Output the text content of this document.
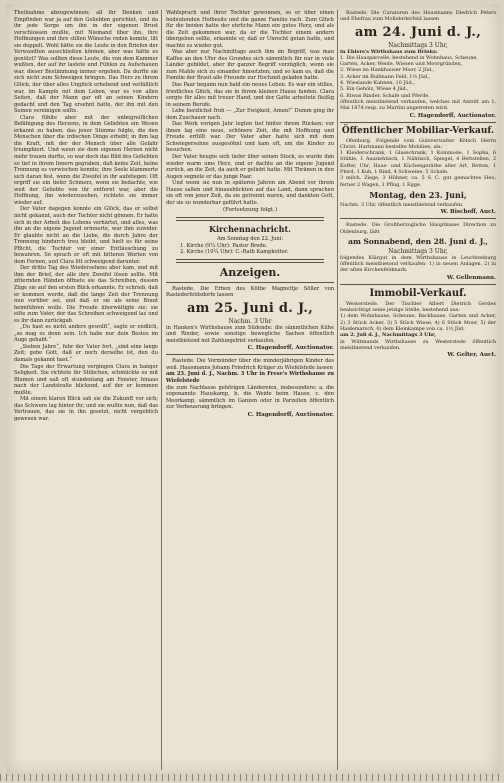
Theilnahme abzugewinnen; all ihr Denken und Empfinden war ja auf den Geliebten gerichtet, und da ihr jede Sorge um ihn in der eigenen Brust verschlossen mußte, mit Niemand über ihn, ihre Hoffnungen und ihre stillen Wünsche reden konnte, litt sie doppelt. Wohl hätte sie die Leute in den Briefen der Verwandten ausschließen können, aber was hätte es genützt? Was sollten diese Leute, die von dem Kummer wußten, der auf ihr lastete und Fühlen zu Aufschauen war, dieser Bestimmung immer ergeben. Da durfte sie sich nicht zum Schweigen bringen. Das Herz zu ihrem Glück, der über alles Unglück erhebend und verläßlich war, im Kampfe mit dem Leben, war es von allen Seiten, daß der Mann gar oft an seinen Kindern gedacht und den Tag ersehnt hatte, der ihn mit den Seinen vereinigen sollte.

Clara fühlte aber mit der unbegreiflichen Befähigung des Herzens, in dem Geliebten ein Wesen erkannt zu haben, das jener Stimme folgte, die den Menschen über die irdischen Dinge erhebt; in ihm lag die Kraft, mit der der Mensch über alle Gefahr triumphiert. Und wenn sie dem eigenen Herzen nicht mehr trauen durfte, so war doch das Bild des Geliebten so tief in ihrem Innern gegraben, daß keine Zeit, keine Trennung es verwischen konnte; ihre Seele klammerte sich daran fest, wenn die Zweifel in ihr aufstiegen. Oft ergriff sie ein tiefer Schmerz, wenn sie bedachte, wie weit der Geliebte von ihr entfernt war, aber die Hoffnung, ihn wiederzusehen, richtete sie immer wieder auf.

Der Vater dagegen konnte ein Glück, das er selbst nicht gekannt, auch der Tochter nicht gönnen. Er hatte sich in der Arbeit des Lebens verhärtet, und alles, was ihn an die eigene Jugend erinnerte, war ihm zuwider. Er glaubte nicht an die Liebe, die durch Jahre der Trennung hindurch treu bleibt, und hielt es für seine Pflicht, die Tochter vor einer Enttäuschung zu bewahren. So sprach er oft mit bitteren Worten von dem Fernen, und Clara litt schweigend darunter.

Der dritte Tag des Wiedersehens aber kam, und mit ihm der Brief, der alle ihre Zweifel lösen sollte. Mit zitternden Händen öffnete sie das Schreiben, dessen Züge sie auf den ersten Blick erkannte. Er schrieb, daß er kommen werde, daß die lange Zeit der Trennung nun vorüber sei, und daß er sie als seine Braut heimführen wolle. Die Freude überwältigte sie; sie eilte zum Vater, der das Schreiben schweigend las und es ihr dann zurückgab.

„Du hast es nicht anders gewollt“, sagte er endlich, „so mag es denn sein. Ich habe nur dein Bestes im Auge gehabt.“

„Sieben Jahre“, fuhr der Vater fort, „sind eine lange Zeit; gebe Gott, daß er noch derselbe ist, den du damals gekannt hast.“

Die Tage der Erwartung vergingen Clara in banger Seligkeit. Sie richtete ihr Stübchen, schmückte es mit Blumen und saß oft stundenlang am Fenster, hinaus nach der Landstraße blickend, auf der er kommen mußte.

Mit einem klaren Blick sah sie die Zukunft vor sich; das Schwere lag hinter ihr, und sie wußte nun, daß das Vertrauen, das sie in ihn gesetzt, nicht vergeblich gewesen war.

Wahlspruch und ihrer Tochter gewonnen, so er über einen bedeutenden Hofbesitz und die ganze Familie rach. Zum Glück für die beiden hatte der ehrliche Mann ein gutes Herz, und als die Zeit gekommen war, da er die Tochter einem andern übergeben sollte, erkannte er, daß er Unrecht getan hatte, und machte es wieder gut.

Was aber nur Nachmittags auch ihm im Begriff, was man Kaffee an den Ufer des Grundes sich sämmtlich für nur in viele Länder gebildet, aber ihr ganzer Begriff vorzüglich, wenn sie zum Mahle sich zu einander hinsetzten; und so kam es, daß die Familie der Braut alle Freunde zur Hochzeit geladen hatte.

Das Paar begann nun bald ein neues Leben. Es war ein stilles, friedliches Glück, das sie in ihrem kleinen Hause fanden. Clara sorgte für alles mit treuer Hand, und der Gatte arbeitete fleißig in seinem Berufe.

Lebe herzlichst froh — „Zur Ewigkeit, Amen!“ Dumm ging ihr dem Zuschauer nach.

Das Werk vorigen Jahr legten tief hinter ihrem Rücken; vor ihnen lag eine neue, schönere Zeit, die mit Hoffnung und Freude erfüllt war. Der Vater aber hatte sich mit dem Schwiegersohne ausgesöhnt und kam oft, um die Kinder zu besuchen.

Der Vater beugte sich tiefer über seinen Stock, es wurde ihm wieder warm ums Herz, und er dachte an die eigene Jugend zurück, an die Zeit, da auch er geliebt hatte. Mit Thränen in den Augen segnete er das junge Paar.

Und wenn sie nun in späteren Jahren am Abend vor ihrem Hause saßen und hinausblickten auf das Land, dann sprachen sie oft von jener Zeit, da sie getrennt waren, und dankten Gott, der sie so wunderbar geführt hatte.

(Fortsetzung folgt.)

Kirchennachricht.

Am Sonntag den 22. Juni:

1. Kirche (9¼ Uhr): Pastor Brede.

2. Kirche (10¼ Uhr): C.-Rath Kampkotter.

Anzeigen.

Rastede. Die Erben des Kötbe Magnettje Söller von Rastederfeldsdorfe lassen

am 25. Juni d. J.,
Nachm. 3 Uhr

in Hanken's Wirthshause zum Südende: die sämmtlichen Kühe und Rinder, sowie sonstige bewegliche Sachen öffentlich meistbietend mit Zahlungsfrist verkaufen.

C. Hagendorff, Auctionator.

Rastede. Die Vormünder über die minderjährigen Kinder des weil. Hausmanns Johann Friedrich Krüger zu Wiefelstede lassen

am 23. Juni d. J., Nachm. 3 Uhr in Frese's Wirthshause zu Wiefelstede

die zum Nachlasse gehörigen Ländereien, insbesondere: a. die sogenannte Hauskamp, b. die Weide beim Hause, c. den Moorkamp, sämmtlich im Ganzen oder in Parzellen öffentlich zur Verheuerung bringen.

C. Hagendorff, Auctionator.

Rastede. Die Curatoren des Hausmanns Diedrich Peters und Ehefrau zum Mollebrderfeld lassen

am 24. Juni d. J.,
Nachmittags 3 Uhr,

in Ehlers's Wirthshaus zum Brinks:

1. Die Hausparcelle, bestehend in Wohnhaus, Scheune, Garten, Acker, Weide, Wiesen und Moorgründen,

2. Wiese im Hankhauser Moor, 2 Jüd.,

3. Acker im Bullmann Feld, 1½ Jüd.,

4. Wieslande Kahnen, 10 Jüd.,

5. Ein Gehölz, Wiese 4 Jüd.,

6. Etwas Rinder, Schafe und Pferde.

öffentlich meistbietend verkaufen, welches mit Antritt am 1. Mai 1874 resp. zu Martini angetreten wird.

C. Hagendorff, Auctionator.
Öffentlicher Mobiliar-Verkauf.

Ofenburg. Folgende vom Gutsverwalter Kötsch Herrn Christ. Hartmann bestellte Mobilien, als:

1 Kleiderschrank, 1 Glasschrank, 1 Kommode, 1 Sopha, 6 Stühle, 1 Ausziehtisch, 1 Nähtisch, Spiegel, 4 Bettstellen, 2 Koffer, Uhr, Haus- und Küchengeräthe aller Art, Betten, 1 Pferd, 1 Kuh, 1 Rind, 4 Schweine, 5 Schafe.

3 milch. Ziege, 3 Hühner, ca. 5 S. C. gut gemachtes Heu, ferner 2 Wagen, 1 Pflug, 1 Egge.

Montag, den 23. Juni,

Nachm. 3 Uhr, öffentlich meistbietend verkaufen.

W. Bischoff, Auct.

Rastede. Die Großherzogliche Hauptkasse Direction zu Oldenburg, läßt

am Sonnabend, den 28. Juni d. J.,
Nachmittags 3 Uhr,

folgendes Klärgut in dem Wirthshause in Leuchtenburg öffentlich meistbietend verkaufen: 1) in neuen Anlagen, 2) in der alten Kirchenfeldmark.

W. Gellenmann.
Immobil-Verkauf.

Westerstede. Der Tischler Albert Dietrich Gerdes beabsichtigt seine jetzige Stelle, bestehend aus:

1) dem Wohnhause, Scheune, Backhause, Garten und Acker, 2) 3 Stück Acker, 3) 5 Stück Wiese, 4) 6 Stück Moor, 5) der Haidemarsch, 6) dem Kleinkampe von ca. 1½ Jüd.

am 2. Juli d. J., Nachmittags 3 Uhr,

in Wittmunds Wirthshause zu Westerstede öffentlich meistbietend verkaufen.

W. Gelter, Auct.
